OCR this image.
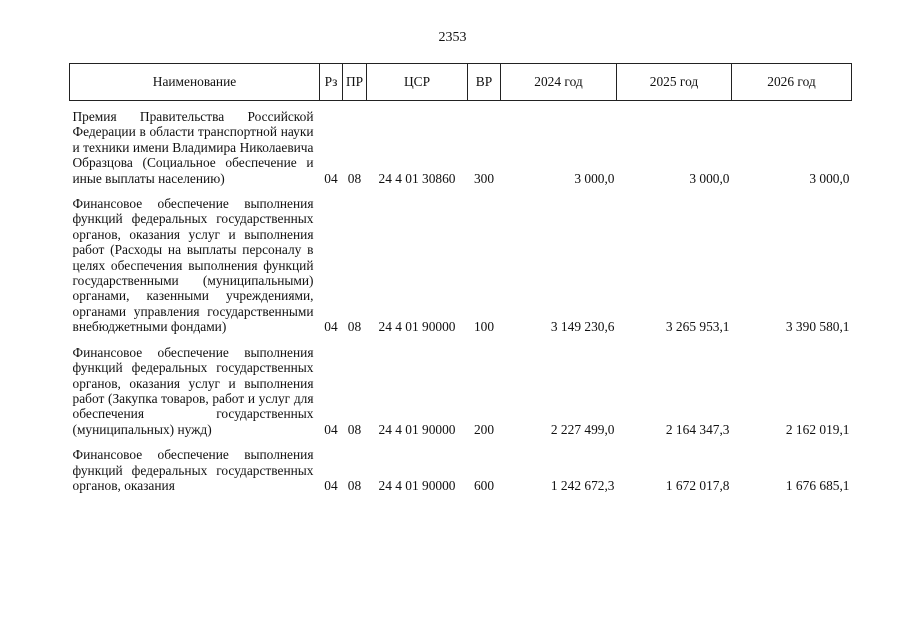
2353
Наименование	Рз	ПР	ЦСР	ВР	2024 год	2025 год	2026 год
Премия Правительства Российской Федерации в области транспортной науки и техники имени Владимира Николаевича Образцова (Социальное обеспечение и иные выплаты населению)	04	08	24 4 01 30860	300	3 000,0	3 000,0	3 000,0
Финансовое обеспечение выполнения функций федеральных государственных органов, оказания услуг и выполнения работ (Расходы на выплаты персоналу в целях обеспечения выполнения функций государственными (муниципальными) органами, казенными учреждениями, органами управления государственными внебюджетными фондами)	04	08	24 4 01 90000	100	3 149 230,6	3 265 953,1	3 390 580,1
Финансовое обеспечение выполнения функций федеральных государственных органов, оказания услуг и выполнения работ (Закупка товаров, работ и услуг для обеспечения государственных (муниципальных) нужд)	04	08	24 4 01 90000	200	2 227 499,0	2 164 347,3	2 162 019,1
Финансовое обеспечение выполнения функций федеральных государственных органов, оказания	04	08	24 4 01 90000	600	1 242 672,3	1 672 017,8	1 676 685,1
